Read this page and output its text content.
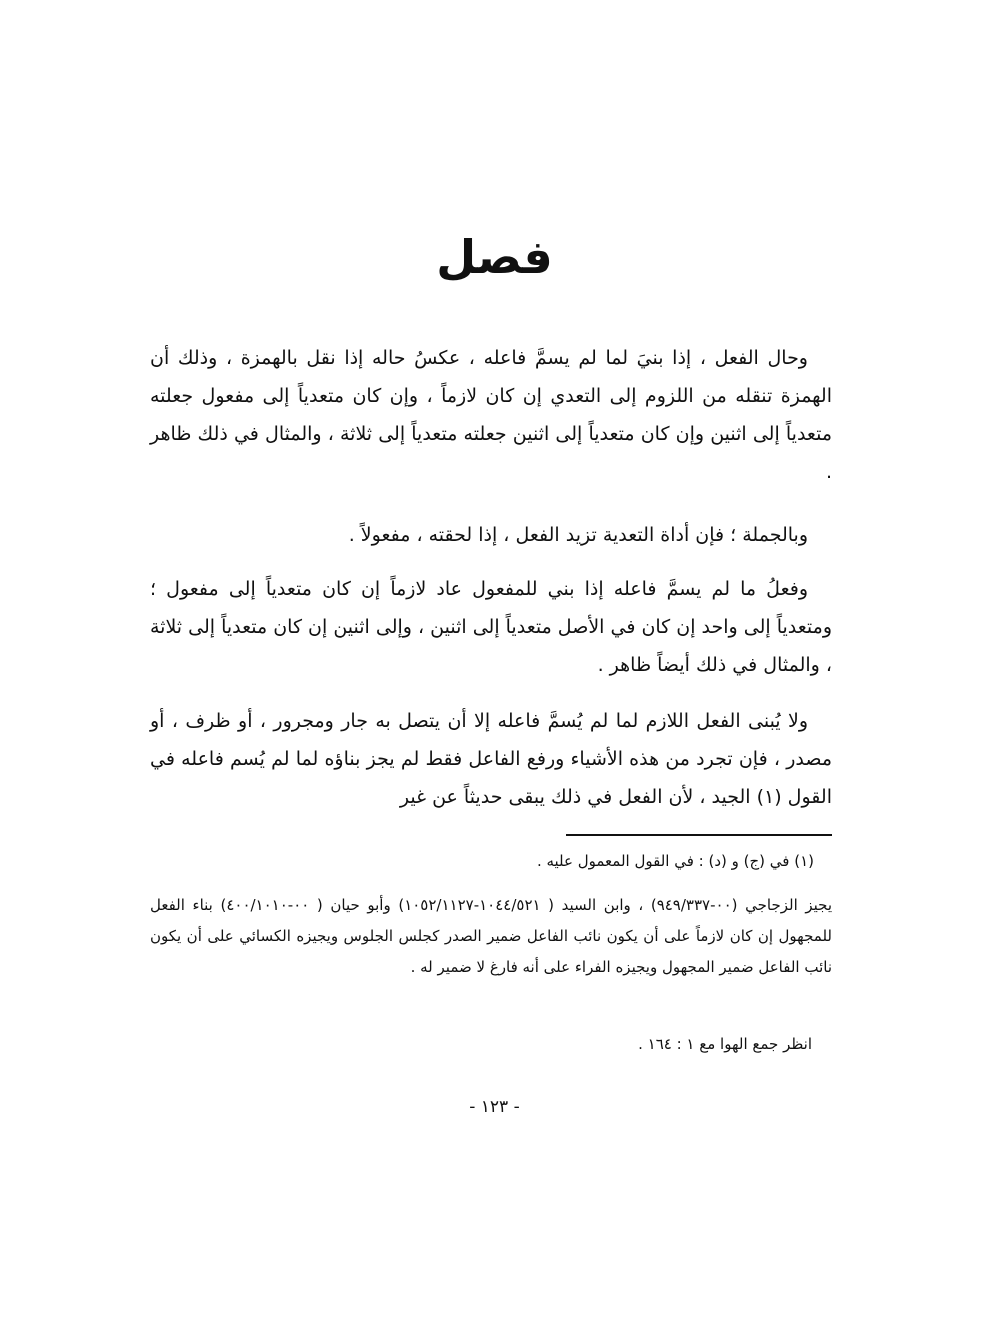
فصل

وحال الفعل ، إذا بنيَ لما لم يسمَّ فاعله ، عكسُ حاله إذا نقل بالهمزة ، وذلك أن الهمزة تنقله من اللزوم إلى التعدي إن كان لازماً ، وإن كان متعدياً إلى مفعول جعلته متعدياً إلى اثنين وإن كان متعدياً إلى اثنين جعلته متعدياً إلى ثلاثة ، والمثال في ذلك ظاهر .

وبالجملة ؛ فإن أداة التعدية تزيد الفعل ، إذا لحقته ، مفعولاً .

وفعلُ ما لم يسمَّ فاعله إذا بني للمفعول عاد لازماً إن كان متعدياً إلى مفعول ؛ ومتعدياً إلى واحد إن كان في الأصل متعدياً إلى اثنين ، وإلى اثنين إن كان متعدياً إلى ثلاثة ، والمثال في ذلك أيضاً ظاهر .

ولا يُبنى الفعل اللازم لما لم يُسمَّ فاعله إلا أن يتصل به جار ومجرور ، أو ظرف ، أو مصدر ، فإن تجرد من هذه الأشياء ورفع الفاعل فقط لم يجز بناؤه لما لم يُسم فاعله في القول (١) الجيد ، لأن الفعل في ذلك يبقى حديثاً عن غير

(١) في (ج) و (د) : في القول المعمول عليه .

يجيز الزجاجي (٠٠-٩٤٩/٣٣٧) ، وابن السيد ( ١٠٤٤/٥٢١-١٠٥٢/١١٢٧) وأبو حيان ( ٠٠-٤٠٠/١٠١٠) بناء الفعل للمجهول إن كان لازماً على أن يكون نائب الفاعل ضمير الصدر كجلس الجلوس ويجيزه الكسائي على أن يكون نائب الفاعل ضمير المجهول ويجيزه الفراء على أنه فارغ لا ضمير له .

انظر جمع الهوا مع ١ : ١٦٤ .

- ١٢٣ -
